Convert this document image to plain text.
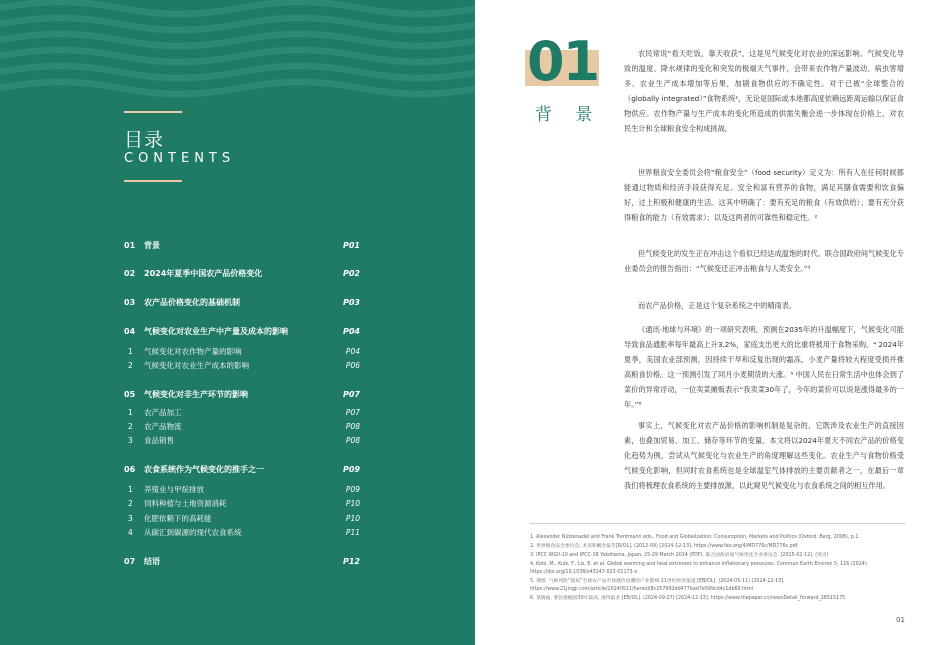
目录
CONTENTS
01 背景	P01
02 2024年夏季中国农产品价格变化	P02
03 农产品价格变化的基础机制	P03
04 气候变化对农业生产中产量及成本的影响	P04
1 气候变化对农作物产量的影响	P04
2 气候变化对农业生产成本的影响	P06
05 气候变化对非生产环节的影响	P07
1 农产品加工	P07
2 农产品物流	P08
3 食品销售	P08
06 农食系统作为气候变化的推手之一	P09
1 养殖业与甲烷排放	P09
2 饲料种植与土地资源消耗	P10
3 化肥依赖下的高耗能	P10
4 从碳汇到碳源的现代农食系统	P11
07 结语	P12
01
背 景

农民常说“看天吃饭，靠天收获”，这是见气候变化对农业的深远影响。气候变化导致的温度、降水规律的变化和突发的极端天气事件，会带来农作物产量波动、病虫害增多、农业生产成本增加等后果，加剧食物供应的不确定性。对于已被“全球整合的（globally integrated）”食物系统¹，无论是国际或本地都高度依赖远距离运输以保证食物供应。农作物产量与生产成本的变化所造成的供需失衡会进一步体现在价格上，对农民生计和全球粮食安全构成挑战。

世界粮食安全委员会将“粮食安全”（food security）定义为：所有人在任何时候都能通过物质和经济手段获得充足、安全和富有营养的食物，满足其膳食需要和饮食偏好，过上积极和健康的生活。这其中明确了：要有充足的粮食（有效供给）；要有充分获得粮食的能力（有效需求）；以及这两者的可靠性和稳定性。²

但气候变化的发生正在冲击这个看似已经达成温饱的时代。联合国政府间气候变化专业委员会的报告指出：“气候变迁正冲击粮食与人类安全。”³

而农产品价格，正是这个复杂系统之中的晴雨表。

《通讯·地球与环境》的一项研究表明，预测在2035年的升温幅度下，气候变化可能导致食品通胀率每年最高上升3.2%，家庭支出更大的比重将被用于食物采购。⁴ 2024年夏季，美国农业部预测，因持续干旱和反复出现的霜冻，小麦产量将较大程度受损并推高粮食价格。这一预测引发了同月小麦期货的大涨。⁵ 中国人民在日常生活中也体会到了菜价的异常浮动，一位卖菜摊贩表示“我卖菜30年了，今年的菜价可以说是涨得最多的一年。”⁶

事实上，气候变化对农产品价格的影响机制是复杂的，它既涉及农业生产的直接因素，也叠加贸易、加工、储存等环节的变量。本文将以2024年夏天不同农产品的价格变化趋势为例，尝试从气候变化与农业生产的角度理解这些变化。农业生产与食物价格受气候变化影响，但同时农食系统也是全球温室气体排放的主要贡献者之一，在最后一章我们将梳理农食系统的主要排放源，以此窥见气候变化与农食系统之间的相互作用。

1. Alexander Nützenadel and Frank Trentmann eds., Food and Globalization: Consumption, Markets and Politics (Oxford: Berg, 2008), p.1.
2. 世界粮食安全委员会, 术语和概念报告[R/OL]. (2012-09) [2024-12-13]. https://www.fao.org/4/MD776c/MD776c.pdf
3. IPCC WGII-10 and IPCC-38 Yokohama, Japan, 25-29 March 2014 (PDF). 联合国政府间气候变化专业委员会. [2015-02-12]. (英语)
4. Kotz, M., Kuik, F., Lis, E. et al. Global warming and heat extremes to enhance inflationary pressures. Commun Earth Environ 5, 116 (2024). https://doi.org/10.1038/s43247-023-01173-x
5. 邢增. 气候风险“搅局”全球农产品市场涨价浪潮的产业影响 21世纪经济报道 [EB/OL]. (2024-05-11) [2024-12-13]. https://www.21jingji.com/article/20240511/herald/8c257992dd477bad7e599cd4c1db60.html
6. 莫晓波. 菜价涨幅创30年最高, 涨得最多 [EB/OL]. (2024-09-27) [2024-12-13]. https://www.thepaper.cn/newsDetail_forward_28515175
01
